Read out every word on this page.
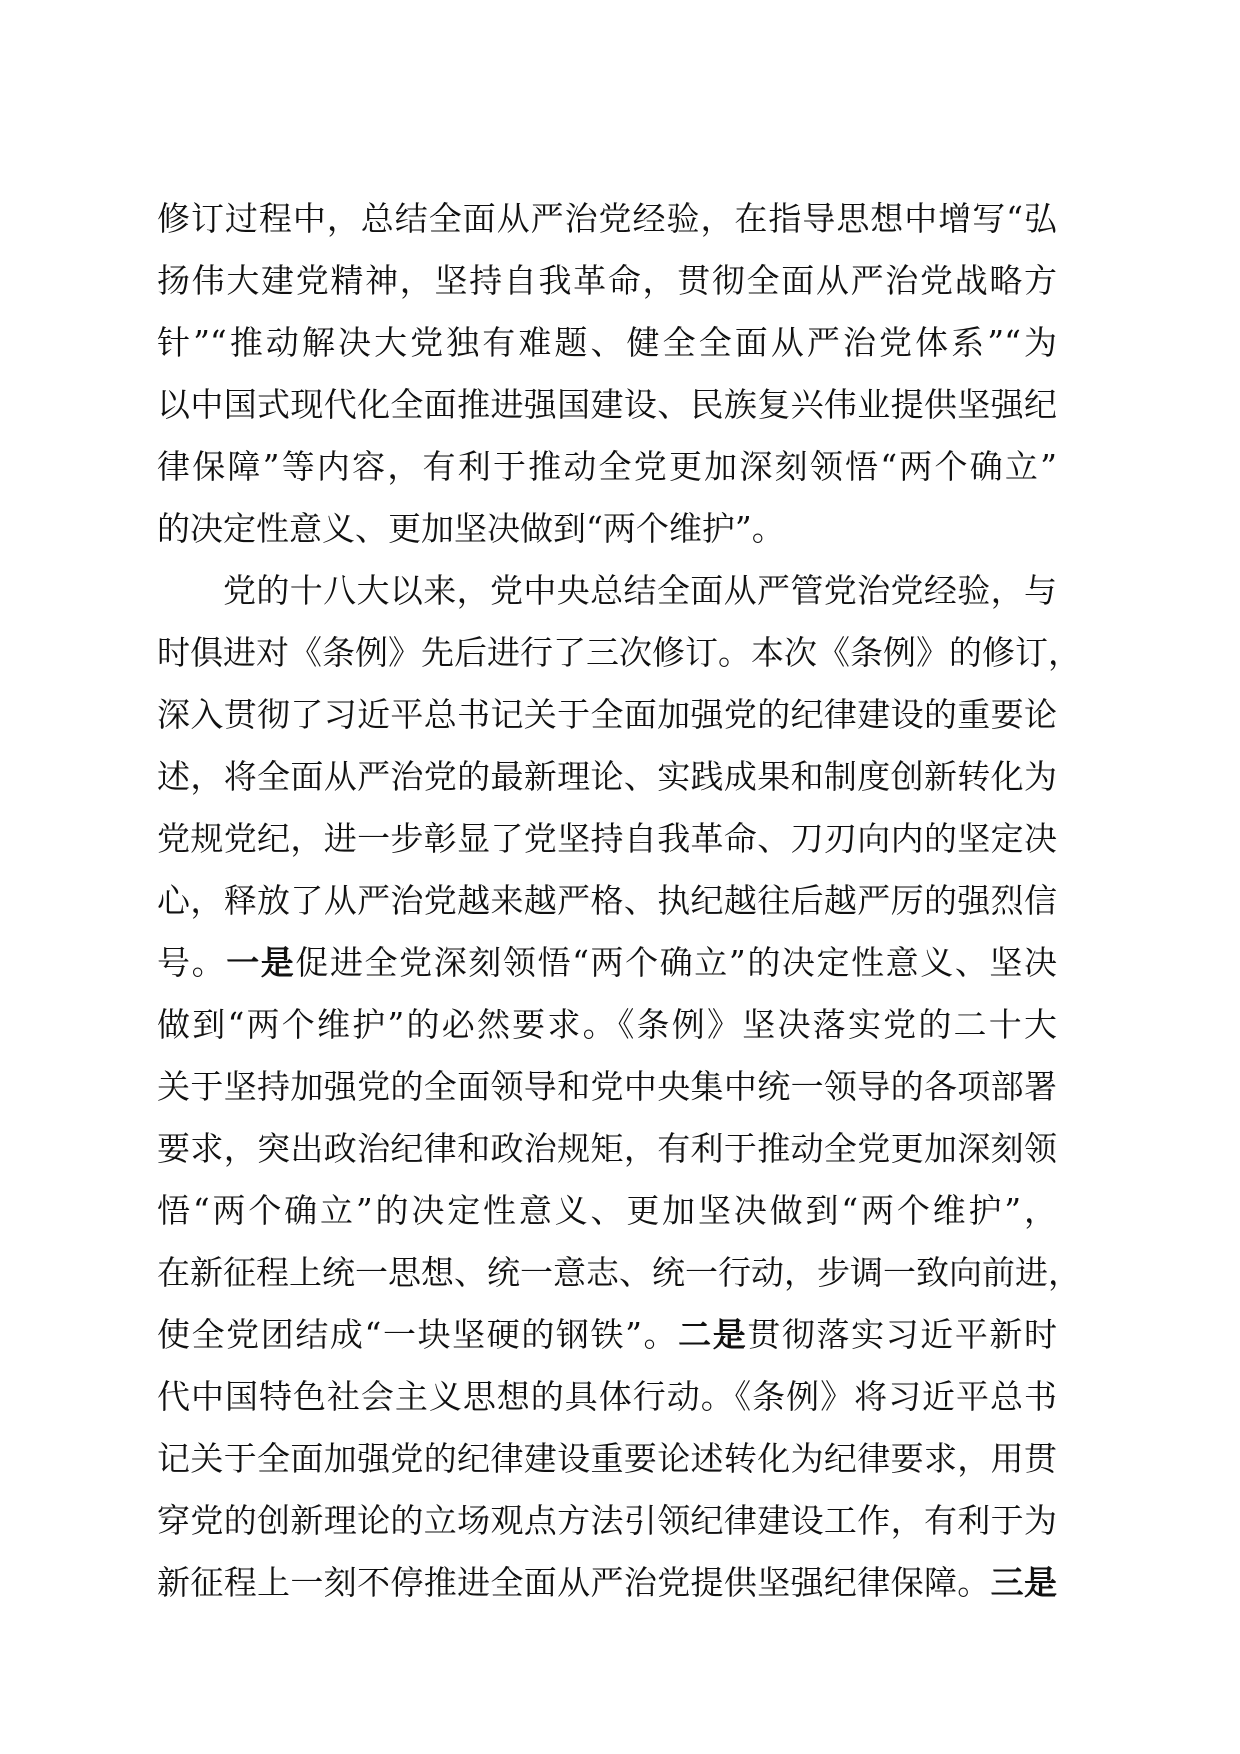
修订过程中，总结全面从严治党经验，在指导思想中增写“弘
扬伟大建党精神，坚持自我革命，贯彻全面从严治党战略方
针”“推动解决大党独有难题、健全全面从严治党体系”“为
以中国式现代化全面推进强国建设、民族复兴伟业提供坚强纪
律保障”等内容，有利于推动全党更加深刻领悟“两个确立”
的决定性意义、更加坚决做到“两个维护”。
党的十八大以来，党中央总结全面从严管党治党经验，与
时俱进对《条例》先后进行了三次修订。本次《条例》的修订，
深入贯彻了习近平总书记关于全面加强党的纪律建设的重要论
述，将全面从严治党的最新理论、实践成果和制度创新转化为
党规党纪，进一步彰显了党坚持自我革命、刀刃向内的坚定决
心，释放了从严治党越来越严格、执纪越往后越严厉的强烈信
号。一是促进全党深刻领悟“两个确立”的决定性意义、坚决
做到“两个维护”的必然要求。《条例》坚决落实党的二十大
关于坚持加强党的全面领导和党中央集中统一领导的各项部署
要求，突出政治纪律和政治规矩，有利于推动全党更加深刻领
悟“两个确立”的决定性意义、更加坚决做到“两个维护”，
在新征程上统一思想、统一意志、统一行动，步调一致向前进，
使全党团结成“一块坚硬的钢铁”。二是贯彻落实习近平新时
代中国特色社会主义思想的具体行动。《条例》将习近平总书
记关于全面加强党的纪律建设重要论述转化为纪律要求，用贯
穿党的创新理论的立场观点方法引领纪律建设工作，有利于为
新征程上一刻不停推进全面从严治党提供坚强纪律保障。三是
